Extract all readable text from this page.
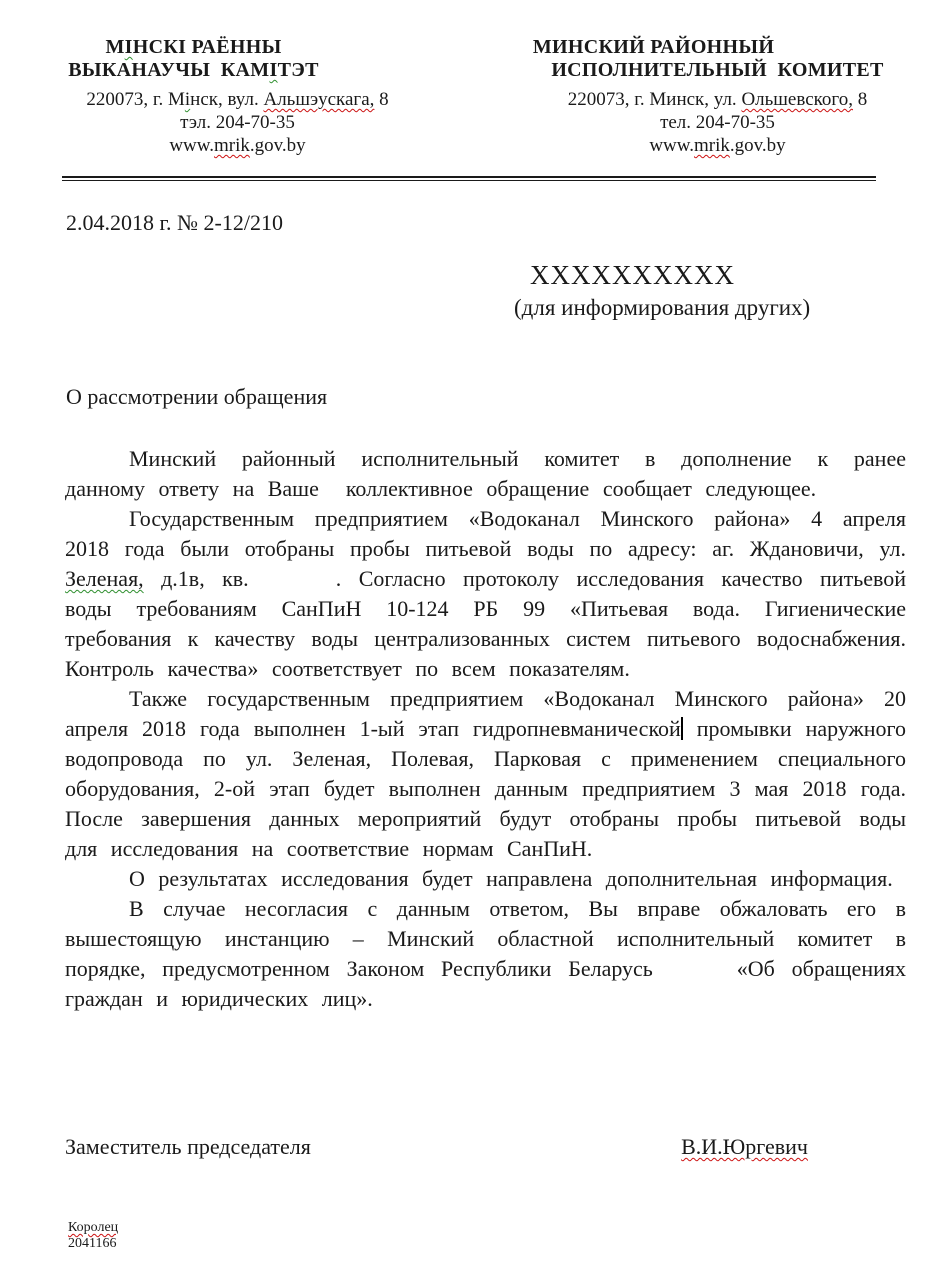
МІНСКІ РАЁННЫ
ВЫКАНАУЧЫ  КАМІТЭТ
220073, г. Мінск, вул. Альшэускага, 8
тэл. 204-70-35
www.mrik.gov.by
МИНСКИЙ РАЙОННЫЙ
ИСПОЛНИТЕЛЬНЫЙ  КОМИТЕТ
220073, г. Минск, ул. Ольшевского, 8
тел. 204-70-35
www.mrik.gov.by
2.04.2018 г. № 2-12/210
ХХХХХХХХХХ
(для информирования других)
О рассмотрении обращения

Минский районный исполнительный комитет в дополнение к ранее данному ответу на Ваше  коллективное обращение сообщает следующее.

Государственным предприятием «Водоканал Минского района» 4 апреля 2018 года были отобраны пробы питьевой воды по адресу: аг. Ждановичи, ул. Зеленая, д.1в, кв.     . Согласно протоколу исследования качество питьевой воды требованиям СанПиН 10-124 РБ 99 «Питьевая вода. Гигиенические требования к качеству воды централизованных систем питьевого водоснабжения. Контроль качества» соответствует по всем показателям.

Также государственным предприятием «Водоканал Минского района» 20 апреля 2018 года выполнен 1-ый этап гидропневманической промывки наружного водопровода по ул. Зеленая, Полевая, Парковая с применением специального оборудования, 2-ой этап будет выполнен данным предприятием 3 мая 2018 года. После завершения данных мероприятий будут отобраны пробы питьевой воды для исследования на соответствие нормам СанПиН.

О результатах исследования будет направлена дополнительная информация.

В случае несогласия с данным ответом, Вы вправе обжаловать его в вышестоящую инстанцию – Минский областной исполнительный комитет в порядке, предусмотренном Законом Республики Беларусь     «Об обращениях граждан и юридических лиц».

Заместитель председателя	В.И.Юргевич
Королец
2041166
